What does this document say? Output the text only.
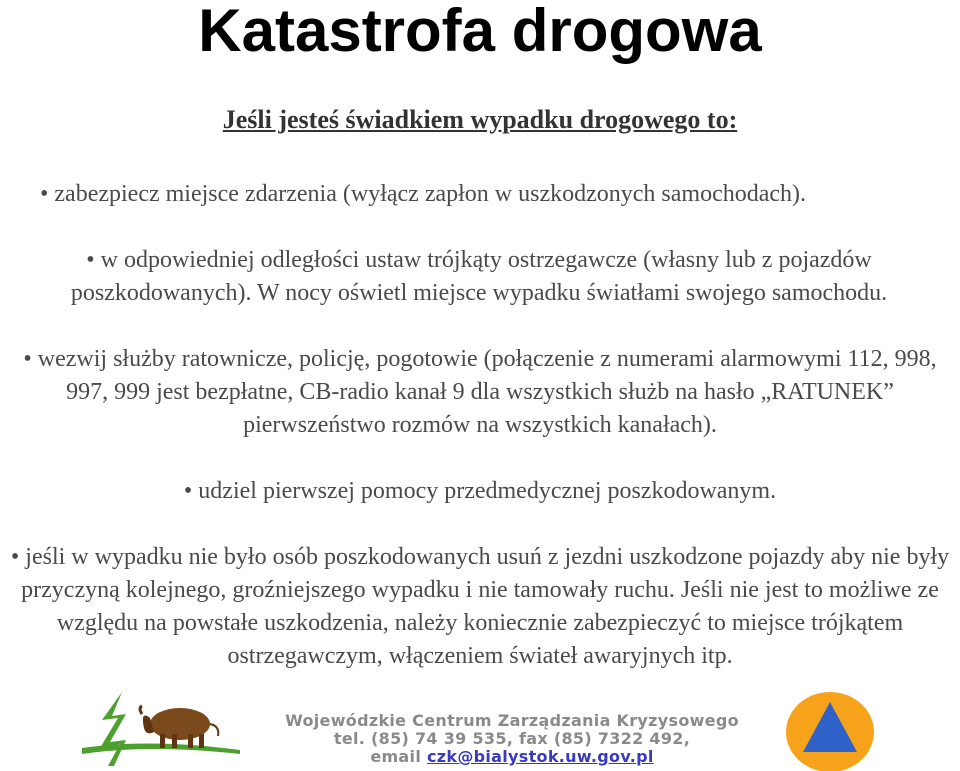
Katastrofa drogowa
Jeśli jesteś świadkiem wypadku drogowego to:
• zabezpiecz miejsce zdarzenia (wyłącz zapłon w uszkodzonych samochodach).
• w odpowiedniej odległości ustaw trójkąty ostrzegawcze (własny lub z pojazdów poszkodowanych). W nocy oświetl miejsce wypadku światłami swojego samochodu.
• wezwij służby ratownicze, policję, pogotowie (połączenie z numerami alarmowymi 112, 998, 997, 999 jest bezpłatne, CB-radio kanał 9 dla wszystkich służb na hasło „RATUNEK” pierwszeństwo rozmów na wszystkich kanałach).
• udziel pierwszej pomocy przedmedycznej poszkodowanym.
• jeśli w wypadku nie było osób poszkodowanych usuń z jezdni uszkodzone pojazdy aby nie były przyczyną kolejnego, groźniejszego wypadku i nie tamowały ruchu. Jeśli nie jest to możliwe ze względu na powstałe uszkodzenia, należy koniecznie zabezpieczyć to miejsce trójkątem ostrzegawczym, włączeniem świateł awaryjnych itp.
Wojewódzkie Centrum Zarządzania Kryzysowego
tel. (85) 74 39 535, fax (85) 7322 492,
email czk@bialystok.uw.gov.pl
